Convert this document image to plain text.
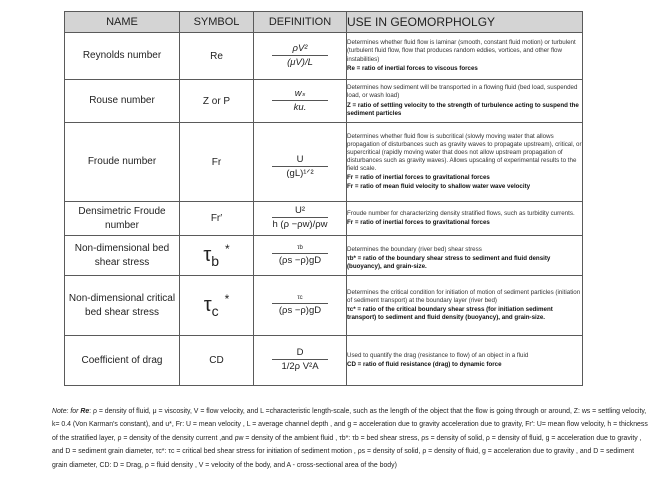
NAME	SYMBOL	DEFINITION	USE IN GEOMORPHOLGY
Reynolds number	Re	$\frac{\text{ρV²}}{(\mu V)/L}$	Determines whether fluid flow is laminar (smooth, constant fluid motion) or turbulent (turbulent fluid flow, flow that produces random eddies, vortices, and other flow instabilities)
Re = ratio of inertial forces to viscous forces

Rouse number	Z or P	$\frac{\text{wₛ}}{ku.}$	Determines how sediment will be transported in a flowing fluid (bed load, suspended load, or wash load)
Z = ratio of settling velocity to the strength of turbulence acting to suspend the sediment particles

Froude number	Fr	$\frac{U}{\text{(gL)¹ᐟ²}}$	Determines whether fluid flow is subcritical (slowly moving water that allows propagation of disturbances such as gravity waves to propagate upstream), critical, or supercritical (rapidly moving water that does not allow upstream propagation of disturbances such as gravity waves). Allows upscaling of experimental results to the field scale.
Fr = ratio of inertial forces to gravitational forces
Fr = ratio of mean fluid velocity to shallow water wave velocity

Densimetric Froude number	Fr′	$\frac{\text{U²}}{h (\rho -\rho w)/\rho w}$	Froude number for characterizing density stratified flows, such as turbidity currents.
Fr = ratio of inertial forces to gravitational forces

Non-dimensional bed shear stress	$\tau_b^*$	$\frac{\tau b}{(\rho s -\rho)gD}$	Determines the boundary (river bed) shear stress
τb* = ratio of the boundary shear stress to sediment and fluid density (buoyancy), and grain-size.

Non-dimensional critical bed shear stress	$\tau_c^*$	$\frac{\tau c}{(\rho s -\rho)gD}$	Determines the critical condition for initiation of motion of sediment particles (initiation of sediment transport) at the boundary layer (river bed)
τc* = ratio of the critical boundary shear stress (for initiation sediment transport) to sediment and fluid density (buoyancy), and grain-size.

Coefficient of drag	CD	$\frac{D}{\text{1/2ρ V²A}}$	Used to quantify the drag (resistance to flow) of an object in a fluid
CD = ratio of fluid resistance (drag) to dynamic force
Note: for Re: ρ = density of fluid, μ = viscosity, V = flow velocity, and L =characteristic length-scale, such as the length of the object that the flow is going through or around, Z: ws = settling velocity, k= 0.4 (Von Karman's constant), and u*, Fr: U = mean velocity , L = average channel depth , and g = acceleration due to gravity acceleration due to gravity, Fr′: U= mean flow velocity, h = thickness of the stratified layer, ρ = density of the density current ,and ρw = density of the ambient fluid , τb*: τb = bed shear stress, ρs = density of solid, ρ = density of fluid, g = acceleration due to gravity , and D = sediment grain diameter, τc*: τc = critical bed shear stress for initiation of sediment motion , ρs = density of solid, ρ = density of fluid, g = acceleration due to gravity , and D = sediment grain diameter, CD: D = Drag, ρ = fluid density , V = velocity of the body, and A - cross-sectional area of the body)
